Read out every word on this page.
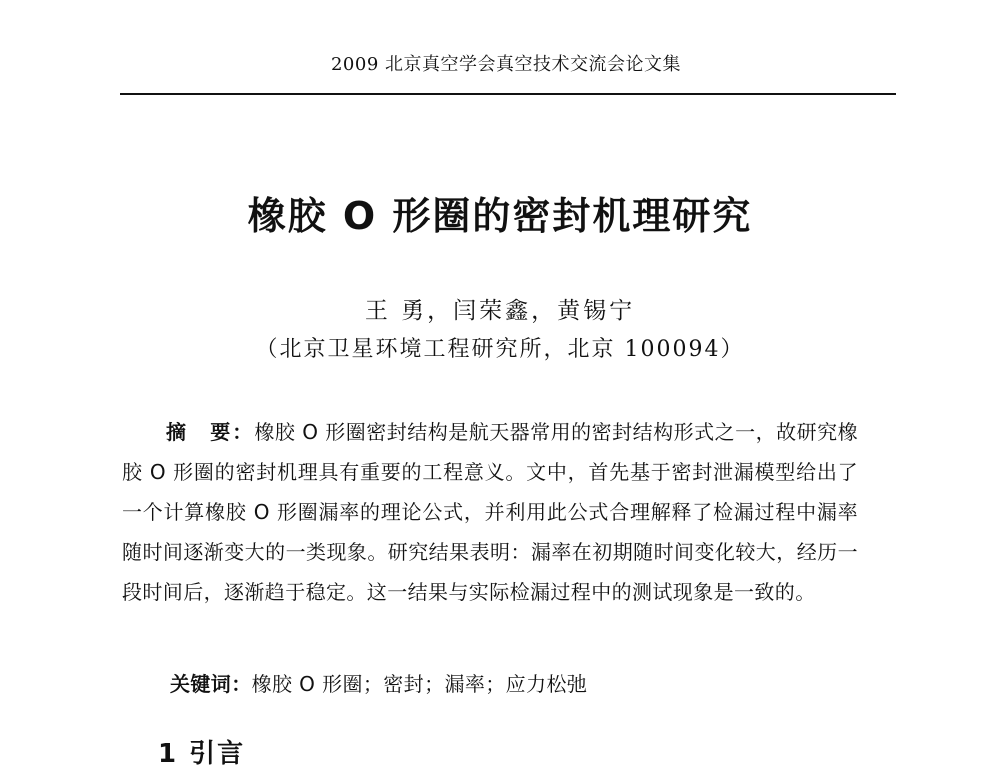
2009 北京真空学会真空技术交流会论文集
橡胶 O 形圈的密封机理研究
王 勇，闫荣鑫，黄锡宁
（北京卫星环境工程研究所，北京 100094）
摘　要：橡胶 O 形圈密封结构是航天器常用的密封结构形式之一，故研究橡胶 O 形圈的密封机理具有重要的工程意义。文中，首先基于密封泄漏模型给出了一个计算橡胶 O 形圈漏率的理论公式，并利用此公式合理解释了检漏过程中漏率随时间逐渐变大的一类现象。研究结果表明：漏率在初期随时间变化较大，经历一段时间后，逐渐趋于稳定。这一结果与实际检漏过程中的测试现象是一致的。
关键词：橡胶 O 形圈；密封；漏率；应力松弛
1 引言
